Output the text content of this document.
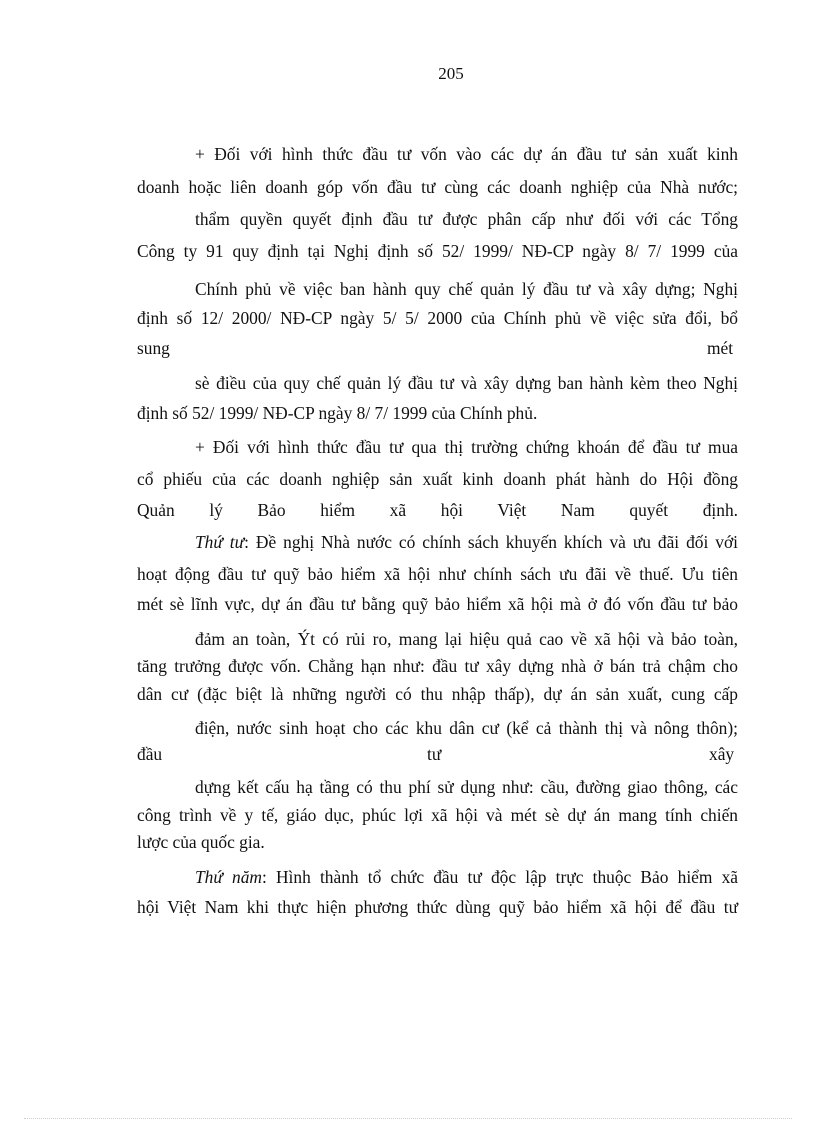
205
+ Đối với hình thức đầu tư vốn vào các dự án đầu tư sản xuất kinh
doanh hoặc liên doanh góp vốn đầu tư cùng các doanh nghiệp của Nhà nước;
thẩm quyền quyết định đầu tư được phân cấp như đối với các Tổng
Công ty 91 quy định tại Nghị định số 52/ 1999/ NĐ-CP ngày 8/ 7/ 1999 của
Chính phủ về việc ban hành quy chế quản lý đầu tư và xây dựng; Nghị
định số 12/ 2000/ NĐ-CP ngày 5/ 5/ 2000 của Chính phủ về việc sửa đổi, bổ
sung	mét
sè điều của quy chế quản lý đầu tư và xây dựng ban hành kèm theo Nghị
định số 52/ 1999/ NĐ-CP ngày 8/ 7/ 1999 của Chính phủ.
+ Đối với hình thức đầu tư qua thị trường chứng khoán để đầu tư mua
cổ phiếu của các doanh nghiệp sản xuất kinh doanh phát hành do Hội đồng
Quản lý Bảo hiểm xã hội Việt Nam quyết định.
Thứ tư: Đề nghị Nhà nước có chính sách khuyến khích và ưu đãi đối với
hoạt động đầu tư quỹ bảo hiểm xã hội như chính sách ưu đãi về thuế. Ưu tiên
mét sè lĩnh vực, dự án đầu tư bằng quỹ bảo hiểm xã hội mà ở đó vốn đầu tư bảo
đảm an toàn, Ýt có rủi ro, mang lại hiệu quả cao về xã hội và bảo toàn,
tăng trưởng được vốn. Chẳng hạn như: đầu tư xây dựng nhà ở bán trả chậm cho
dân cư (đặc biệt là những người có thu nhập thấp), dự án sản xuất, cung cấp
điện, nước sinh hoạt cho các khu dân cư (kể cả thành thị và nông thôn);
đầu	tư	xây
dựng kết cấu hạ tầng có thu phí sử dụng như: cầu, đường giao thông, các
công trình về y tế, giáo dục, phúc lợi xã hội và mét sè dự án mang tính chiến
lược của quốc gia.
Thứ năm: Hình thành tổ chức đầu tư độc lập trực thuộc Bảo hiểm xã
hội Việt Nam khi thực hiện phương thức dùng quỹ bảo hiểm xã hội để đầu tư
